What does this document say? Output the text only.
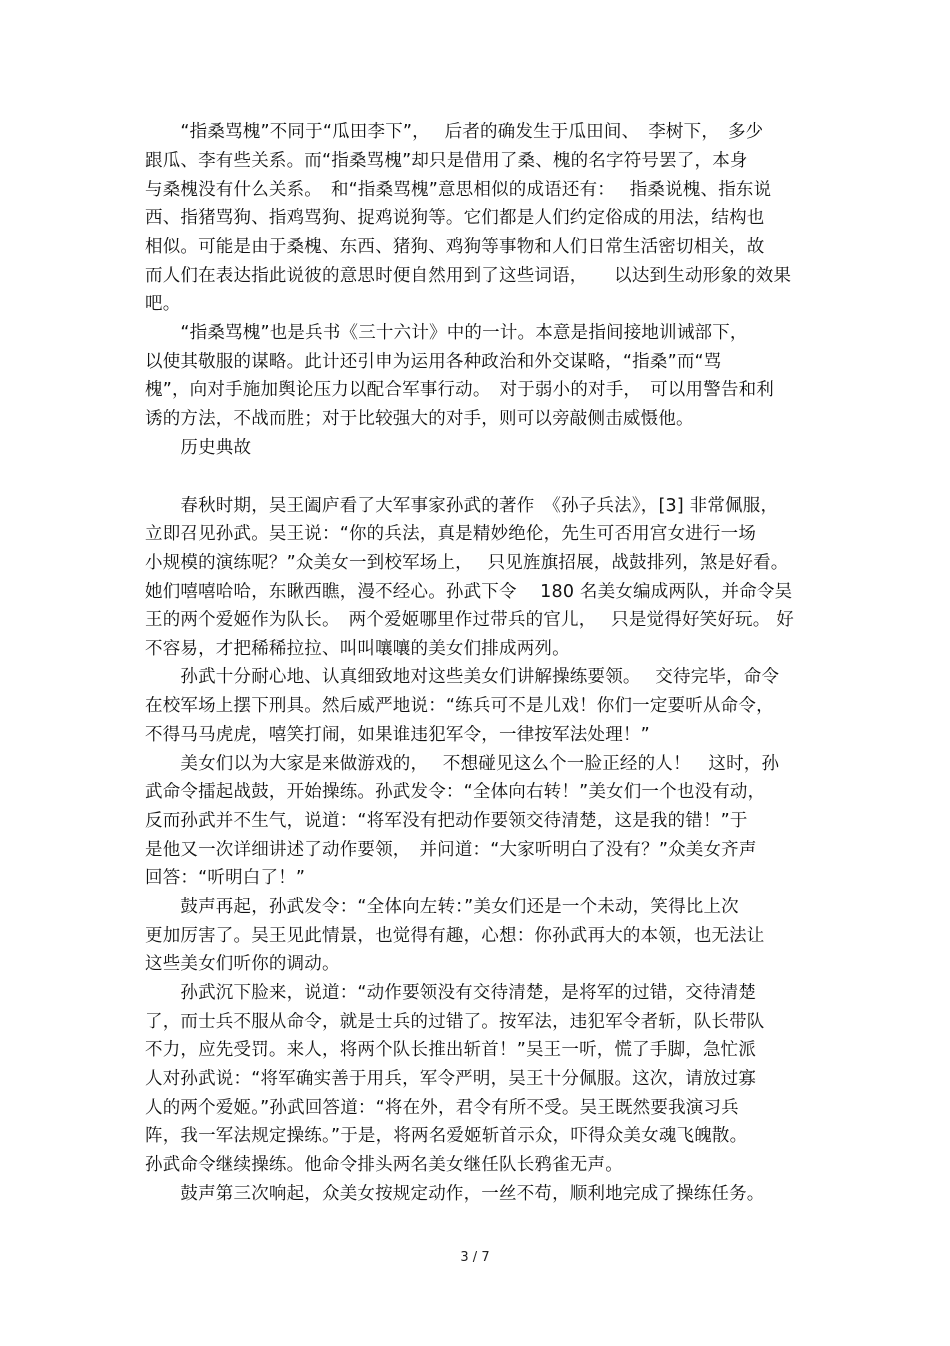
　　“指桑骂槐”不同于“瓜田李下”，　 后者的确发生于瓜田间、　李树下，　多少
跟瓜、李有些关系。而“指桑骂槐”却只是借用了桑、槐的名字符号罢了，本身
与桑槐没有什么关系。　和“指桑骂槐”意思相似的成语还有：　 指桑说槐、指东说
西、指猪骂狗、指鸡骂狗、捉鸡说狗等。它们都是人们约定俗成的用法，结构也
相似。可能是由于桑槐、东西、猪狗、鸡狗等事物和人们日常生活密切相关，故
而人们在表达指此说彼的意思时便自然用到了这些词语，　　以达到生动形象的效果
吧。
　　“指桑骂槐”也是兵书《三十六计》中的一计。本意是指间接地训诫部下，
以使其敬服的谋略。此计还引申为运用各种政治和外交谋略，“指桑”而“骂
槐”，向对手施加舆论压力以配合军事行动。　对于弱小的对手，　可以用警告和利
诱的方法，不战而胜；对于比较强大的对手，则可以旁敲侧击威慑他。
　　历史典故
　　春秋时期，吴王阖庐看了大军事家孙武的著作　《孙子兵法》，[3] 非常佩服，
立即召见孙武。吴王说：“你的兵法，真是精妙绝伦，先生可否用宫女进行一场
小规模的演练呢？”众美女一到校军场上，　 只见旌旗招展，战鼓排列，煞是好看。
她们嘻嘻哈哈，东瞅西瞧，漫不经心。孙武下令　 180 名美女编成两队，并命令吴
王的两个爱姬作为队长。　两个爱姬哪里作过带兵的官儿，　 只是觉得好笑好玩。 好
不容易，才把稀稀拉拉、叫叫嚷嚷的美女们排成两列。
　　孙武十分耐心地、认真细致地对这些美女们讲解操练要领。　 交待完毕，命令
在校军场上摆下刑具。然后威严地说：“练兵可不是儿戏！你们一定要听从命令，
不得马马虎虎，嘻笑打闹，如果谁违犯军令，一律按军法处理！”
　　美女们以为大家是来做游戏的，　 不想碰见这么个一脸正经的人！　这时，孙
武命令擂起战鼓，开始操练。孙武发令：“全体向右转！”美女们一个也没有动，
反而孙武并不生气，说道：“将军没有把动作要领交待清楚，这是我的错！”于
是他又一次详细讲述了动作要领，　并问道：“大家听明白了没有？”众美女齐声
回答：“听明白了！”
　　鼓声再起，孙武发令：“全体向左转：”美女们还是一个未动，笑得比上次
更加厉害了。吴王见此情景，也觉得有趣，心想：你孙武再大的本领，也无法让
这些美女们听你的调动。
　　孙武沉下脸来，说道：“动作要领没有交待清楚，是将军的过错，交待清楚
了，而士兵不服从命令，就是士兵的过错了。按军法，违犯军令者斩，队长带队
不力，应先受罚。来人，将两个队长推出斩首！”吴王一听，慌了手脚，急忙派
人对孙武说：“将军确实善于用兵，军令严明，吴王十分佩服。这次，请放过寡
人的两个爱姬。”孙武回答道：“将在外，君令有所不受。吴王既然要我演习兵
阵，我一军法规定操练。”于是，将两名爱姬斩首示众，吓得众美女魂飞魄散。
孙武命令继续操练。他命令排头两名美女继任队长鸦雀无声。
　　鼓声第三次响起，众美女按规定动作，一丝不苟，顺利地完成了操练任务。
3 / 7
